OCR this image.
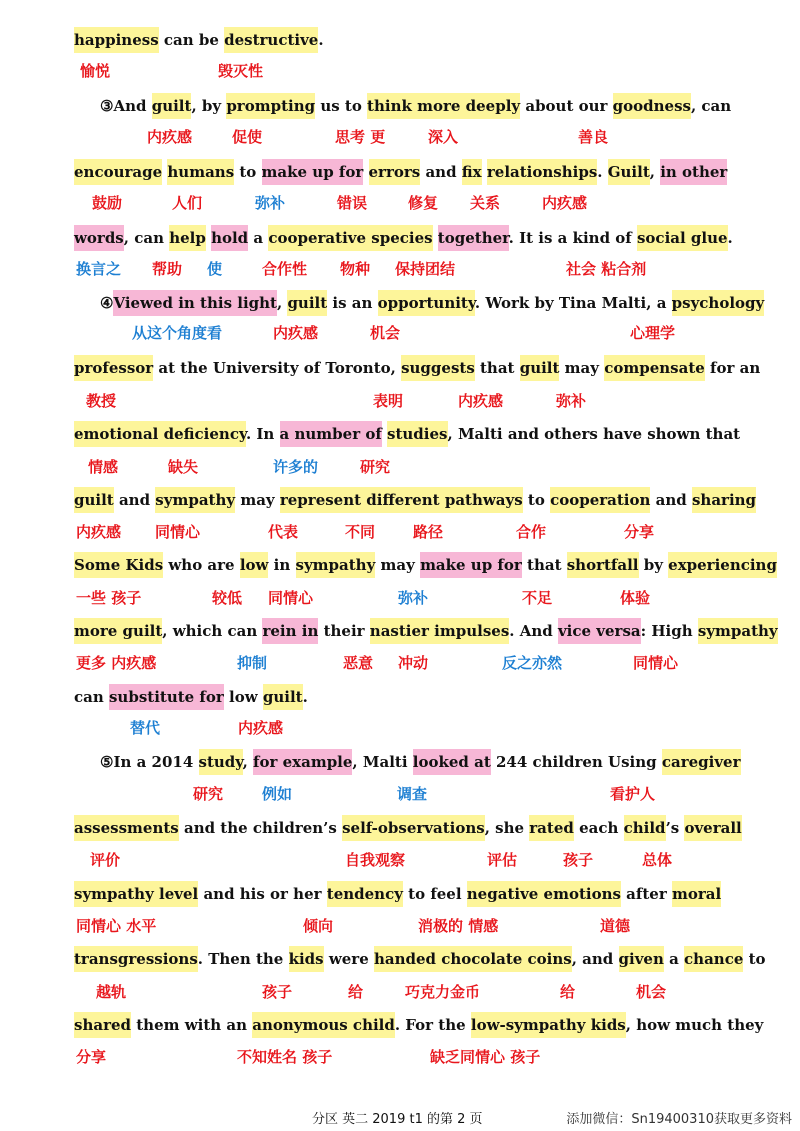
happiness can be destructive.
③And guilt, by prompting us to think more deeply about our goodness, can
encourage humans to make up for errors and fix relationships. Guilt, in other
words, can help hold a cooperative species together. It is a kind of social glue.
④Viewed in this light, guilt is an opportunity. Work by Tina Malti, a psychology
professor at the University of Toronto, suggests that guilt may compensate for an
emotional deficiency. In a number of studies, Malti and others have shown that
guilt and sympathy may represent different pathways to cooperation and sharing
Some Kids who are low in sympathy may make up for that shortfall by experiencing
more guilt, which can rein in their nastier impulses. And vice versa: High sympathy
can substitute for low guilt.
⑤In a 2014 study, for example, Malti looked at 244 children Using caregiver
assessments and the children’s self-observations, she rated each child’s overall
sympathy level and his or her tendency to feel negative emotions after moral
transgressions. Then the kids were handed chocolate coins, and given a chance to
shared them with an anonymous child. For the low-sympathy kids, how much they
愉悦	毁灭性
内疚感	促使	思考 更	深入	善良
鼓励	人们	弥补	错误	修复 关系	内疚感
换言之 帮助 使	合作性 物种 保持团结	社会 粘合剂
从这个角度看	内疚感	机会	心理学
教授	表明	内疚感	弥补
情感	缺失	许多的	研究
内疚感 同情心	代表	不同	路径	合作	分享
一些 孩子	较低 同情心	弥补	不足	体验
更多 内疚感	抑制	恶意 冲动	反之亦然	同情心
替代	内疚感
研究	例如	调查	看护人
评价	自我观察	评估	孩子	总体
同情心 水平	倾向	消极的 情感	道德
越轨	孩子	给	巧克力金币	给	机会
分享	不知姓名 孩子	缺乏同情心 孩子
分区 英二 2019 t1 的第 2 页	添加微信：Sn19400310获取更多资料
